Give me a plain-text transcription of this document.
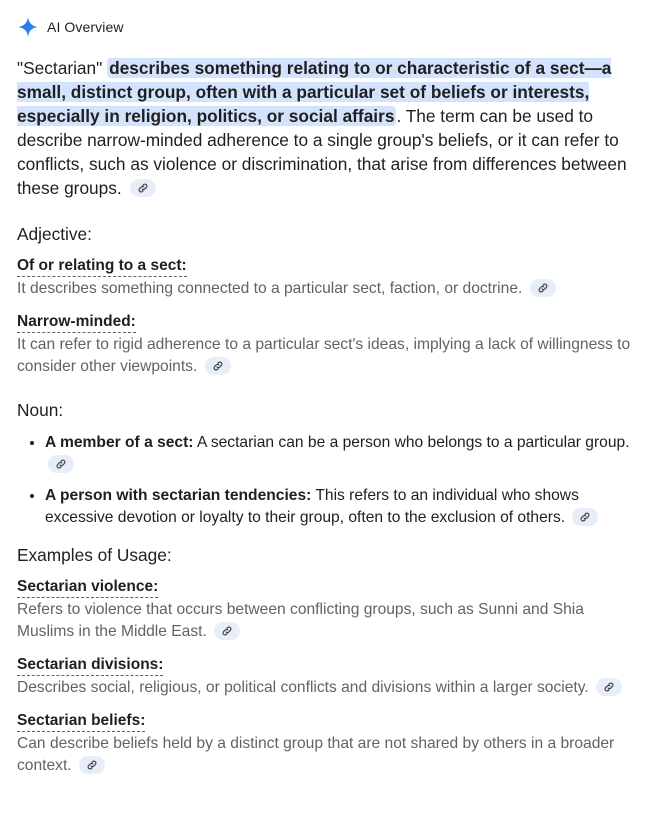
AI Overview
"Sectarian" describes something relating to or characteristic of a sect—a small, distinct group, often with a particular set of beliefs or interests, especially in religion, politics, or social affairs . The term can be used to describe narrow-minded adherence to a single group's beliefs, or it can refer to conflicts, such as violence or discrimination, that arise from differences between these groups.
Adjective:
Of or relating to a sect:
It describes something connected to a particular sect, faction, or doctrine.
Narrow-minded:
It can refer to rigid adherence to a particular sect's ideas, implying a lack of willingness to consider other viewpoints.
Noun:
• A member of a sect: A sectarian can be a person who belongs to a particular group.
• A person with sectarian tendencies: This refers to an individual who shows excessive devotion or loyalty to their group, often to the exclusion of others.
Examples of Usage:
Sectarian violence:
Refers to violence that occurs between conflicting groups, such as Sunni and Shia Muslims in the Middle East.
Sectarian divisions:
Describes social, religious, or political conflicts and divisions within a larger society.
Sectarian beliefs:
Can describe beliefs held by a distinct group that are not shared by others in a broader context.
